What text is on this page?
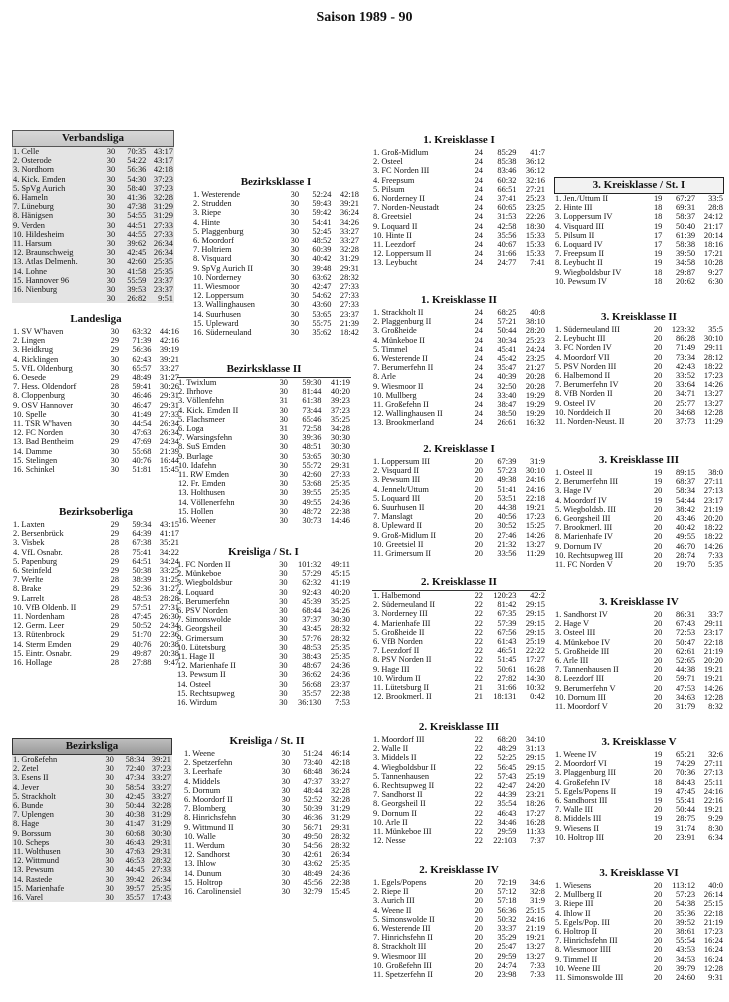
Saison 1989 - 90
Verbandsliga
1. Celle	30	70:35	43:17
2. Osterode	30	54:22	43:17
3. Nordhorn	30	56:36	42:18
4. Kick. Emden	30	54:30	37:23
5. SpVg Aurich	30	58:40	37:23
6. Hameln	30	41:36	32:28
7. Lüneburg	30	47:38	31:29
8. Hänigsen	30	54:55	31:29
9. Verden	30	44:51	27:33
10. Hildesheim	30	44:55	27:33
11. Harsum	30	39:62	26:34
12. Braunschweig	30	42:45	26:34
13. Atlas Delmenh.	30	42:60	25:35
14. Lohne	30	41:58	25:35
15. Hannover 96	30	55:59	23:37
16. Nienburg	30	39:53	23:37
	30	26:82	9:51
Landesliga
1. SV W'haven	30	63:32	44:16
2. Lingen	29	71:39	42:16
3. Heidkrug	29	56:36	39:19
4. Ricklingen	30	62:43	39:21
5. VfL Oldenburg	30	65:57	33:27
6. Oesede	29	48:49	31:27
7. Hess. Oldendorf	28	59:41	30:26
8. Cloppenburg	30	46:46	29:31
9. OSV Hannover	30	46:47	29:31
10. Spelle	30	41:49	27:33
11. TSR W'haven	30	44:54	26:34
12. FC Norden	30	47:63	26:34
13. Bad Bentheim	29	47:69	24:34
14. Damme	30	55:68	21:39
15. Stelingen	30	40:76	16:44
16. Schinkel	30	51:81	15:45
Bezirksoberliga
1. Laxten	29	59:34	43:15
2. Bersenbrück	29	64:39	41:17
3. Visbek	28	67:38	35:21
4. VfL Osnabr.	28	75:41	34:22
5. Papenburg	29	64:51	34:24
6. Steinfeld	29	50:38	33:25
7. Werlte	28	38:39	31:25
8. Brake	29	52:36	31:27
9. Larrelt	28	48:53	28:28
10. VfB Oldenb. II	29	57:51	27:31
11. Nordenham	28	47:45	26:30
12. Germ. Leer	29	50:52	24:34
13. Rütenbrock	29	51:70	22:36
14. Sterm Emden	29	40:76	20:38
15. Eintr. Osnabr.	29	49:87	20:38
16. Hollage	28	27:88	9:47
Bezirksliga
1. Großefehn	30	58:34	39:21
2. Zetel	30	72:40	37:23
3. Esens II	30	47:34	33:27
4. Jever	30	58:54	33:27
5. Strackholt	30	42:45	33:27
6. Bunde	30	50:44	32:28
7. Uplengen	30	40:38	31:29
8. Hage	30	41:47	31:29
9. Borssum	30	60:68	30:30
10. Scheps	30	46:43	29:31
11. Wolthusen	30	47:63	29:31
12. Wittmund	30	46:53	28:32
13. Pewsum	30	44:45	27:33
14. Rastede	30	39:42	26:34
15. Marienhafe	30	39:57	25:35
16. Varel	30	35:57	17:43
Bezirksklasse I
1. Westerende	30	52:24	42:18
2. Strudden	30	59:43	39:21
3. Riepe	30	59:42	36:24
4. Hinte	30	54:41	34:26
5. Plaggenburg	30	52:45	33:27
6. Moordorf	30	48:52	33:27
7. Holtriem	30	60:39	32:28
8. Visquard	30	40:42	31:29
9. SpVg Aurich II	30	39:48	29:31
10. Norderney	30	63:62	28:32
11. Wiesmoor	30	42:47	27:33
12. Loppersum	30	54:62	27:33
13. Wallinghausen	30	43:60	27:33
14. Suurhusen	30	53:65	23:37
15. Upleward	30	55:75	21:39
16. Süderneuland	30	35:62	18:42
Bezirksklasse II
1. Twixlum	30	59:30	41:19
2. Ihrhove	30	81:44	40:20
3. Völlenfehn	31	61:38	39:23
4. Kick. Emden II	30	73:44	37:23
5. Flachsmeer	30	65:46	35:25
6. Loga	31	72:58	34:28
7. Warsingsfehn	30	39:36	30:30
8. SuS Emden	30	48:51	30:30
9. Burlage	30	53:65	30:30
10. Idafehn	30	55:72	29:31
11. RW Emden	30	42:60	27:33
12. Fr. Emden	30	53:68	25:35
13. Holthusen	30	39:55	25:35
14. Völlenerfehn	30	49:55	24:36
15. Hollen	30	48:72	22:38
16. Weener	30	30:73	14:46
Kreisliga / St. I
1. FC Norden II	30	101:32	49:11
2. Münkeboe	30	57:29	45:15
3. Wiegboldsbur	30	62:32	41:19
4. Loquard	30	92:43	40:20
5. Berumerfehn	30	45:39	35:25
6. PSV Norden	30	68:44	34:26
7. Simonswolde	30	37:37	30:30
8. Georgsheil	30	43:45	28:32
9. Grimersum	30	57:76	28:32
10. Lütetsburg	30	48:53	25:35
11. Hage II	30	38:43	25:35
12. Marienhafe II	30	48:67	24:36
13. Pewsum II	30	36:62	24:36
14. Osteel	30	56:68	23:37
15. Rechtsupweg	30	35:57	22:38
16. Wirdum	30	36:130	7:53
Kreisliga / St. II
1. Weene	30	51:24	46:14
2. Spetzerfehn	30	73:40	42:18
3. Leerhafe	30	68:48	36:24
4. Middels	30	47:37	33:27
5. Dornum	30	48:44	32:28
6. Moordorf II	30	52:52	32:28
7. Blomberg	30	50:39	31:29
8. Hinrichsfehn	30	46:36	31:29
9. Wittmund II	30	56:71	29:31
10. Walle	30	49:50	28:32
11. Werdum	30	54:56	28:32
12. Sandhorst	30	42:61	26:34
13. Ihlow	30	43:62	25:35
14. Dunum	30	48:49	24:36
15. Holtrop	30	45:56	22:38
16. Carolinensiel	30	32:79	15:45
1. Kreisklasse I
1. Groß-Midlum	24	85:29	41:7
2. Osteel	24	85:38	36:12
3. FC Norden III	24	83:46	36:12
4. Freepsum	24	60:32	32:16
5. Pilsum	24	66:51	27:21
6. Norderney II	24	37:41	25:23
7. Norden-Neustadt	24	60:65	23:25
8. Greetsiel	24	31:53	22:26
9. Loquard II	24	42:58	18:30
10. Hinte II	24	35:56	15:33
11. Leezdorf	24	40:67	15:33
12. Loppersum II	24	31:66	15:33
13. Leybucht	24	24:77	7:41
1. Kreisklasse II
1. Strackholt II	24	68:25	40:8
2. Plaggenburg II	24	57:21	38:10
3. Großheide	24	50:44	28:20
4. Münkeboe II	24	30:34	25:23
5. Timmel	24	45:41	24:24
6. Westerende II	24	45:42	23:25
7. Berumerfehn II	24	35:47	21:27
8. Arle	24	40:39	20:28
9. Wiesmoor II	24	32:50	20:28
10. Mullberg	24	33:40	19:29
11. Großefehn II	24	38:47	19:29
12. Wallinghausen II	24	38:50	19:29
13. Brookmerland	24	26:61	16:32
2. Kreisklasse I
1. Loppersum III	20	67:39	31:9
2. Visquard II	20	57:23	30:10
3. Pewsum III	20	49:38	24:16
4. Jennelt/Uttum	20	51:41	24:16
5. Loquard III	20	53:51	22:18
6. Suurhusen II	20	44:38	19:21
7. Manslagt	20	40:56	17:23
8. Upleward II	20	30:52	15:25
9. Groß-Midlum II	20	27:46	14:26
10. Greetsiel II	20	21:32	13:27
11. Grimersum II	20	33:56	11:29
2. Kreisklasse II
1. Halbemond	22	120:23	42:2
2. Süderneuland II	22	81:42	29:15
3. Norderney III	22	67:35	29:15
4. Marienhafe III	22	57:39	29:15
5. Großheide II	22	67:56	29:15
6. VfB Norden	22	61:43	25:19
7. Leezdorf II	22	46:51	22:22
8. PSV Norden II	22	51:45	17:27
9. Hage III	22	50:61	16:28
10. Wirdum II	22	27:82	14:30
11. Lütetsburg II	21	31:66	10:32
12. Brookmerl. II	21	18:131	0:42
2. Kreisklasse III
1. Moordorf III	22	68:20	34:10
2. Walle II	22	48:29	31:13
3. Middels II	22	52:25	29:15
4. Wiegboldsbur II	22	56:45	29:15
5. Tannenhausen	22	57:43	25:19
6. Rechtsupweg II	22	42:47	24:20
7. Sandhorst II	22	44:39	23:21
8. Georgsheil II	22	35:54	18:26
9. Dornum II	22	46:43	17:27
10. Arle II	22	34:46	16:28
11. Münkeboe III	22	29:59	11:33
12. Nesse	22	22:103	7:37
2. Kreisklasse IV
1. Egels/Popens	20	72:19	34:6
2. Riepe II	20	57:12	32:8
3. Aurich III	20	57:18	31:9
4. Weene II	20	56:36	25:15
5. Simonswolde II	20	50:32	24:16
6. Westerende III	20	33:37	21:19
7. Hinrichsfehn II	20	35:29	19:21
8. Strackholt III	20	25:47	13:27
9. Wiesmoor III	20	29:59	13:27
10. Großefehn III	20	24:74	7:33
11. Spetzerfehn II	20	23:98	7:33
3. Kreisklasse / St. I
1. Jen./Uttum II	19	67:27	33:5
2. Hinte III	18	69:31	28:8
3. Loppersum IV	18	58:37	24:12
4. Visquard III	19	50:40	21:17
5. Pilsum II	17	61:39	20:14
6. Loquard IV	17	58:38	18:16
7. Freepsum II	19	39:50	17:21
8. Leybucht II	19	34:58	10:28
9. Wiegboldsbur IV	18	29:87	9:27
10. Pewsum IV	18	20:62	6:30
3. Kreisklasse II
1. Süderneuland III	20	123:32	35:5
2. Leybucht III	20	86:28	30:10
3. FC Norden IV	20	71:49	29:11
4. Moordorf VII	20	73:34	28:12
5. PSV Norden III	20	42:43	18:22
6. Halbemond II	20	33:52	17:23
7. Berumerfehn IV	20	33:64	14:26
8. VfB Norden II	20	34:71	13:27
9. Osteel IV	20	25:77	13:27
10. Norddeich II	20	34:68	12:28
11. Norden-Neust. II	20	37:73	11:29
3. Kreisklasse III
1. Osteel II	19	89:15	38:0
2. Berumerfehn III	19	68:37	27:11
3. Hage IV	20	58:34	27:13
4. Moordorf IV	19	54:44	23:17
5. Wiegboldsb. III	20	38:42	21:19
6. Georgsheil III	20	43:46	20:20
7. Brookmerl. III	20	40:42	18:22
8. Marienhafe IV	20	49:55	18:22
9. Dornum IV	20	46:70	14:26
10. Rechtsupweg III	20	28:74	7:33
11. FC Norden V	20	19:70	5:35
3. Kreisklasse IV
1. Sandhorst IV	20	86:31	33:7
2. Hage V	20	67:43	29:11
3. Osteel III	20	72:53	23:17
4. Münkeboe IV	20	50:47	22:18
5. Großheide III	20	62:61	21:19
6. Arle III	20	52:65	20:20
7. Tannenhausen II	20	44:38	19:21
8. Leezdorf III	20	59:71	19:21
9. Berumerfehn V	20	47:53	14:26
10. Dornum III	20	34:63	12:28
11. Moordorf V	20	31:79	8:32
3. Kreisklasse V
1. Weene IV	19	65:21	32:6
2. Moordorf VI	19	74:29	27:11
3. Plaggenburg III	20	70:36	27:13
4. Großefehn IV	18	84:43	25:11
5. Egels/Popens II	19	47:45	24:16
6. Sandhorst III	19	55:41	22:16
7. Walle III	20	50:44	19:21
8. Middels III	19	28:75	9:29
9. Wiesens II	19	31:74	8:30
10. Holtrop III	20	23:91	6:34
3. Kreisklasse VI
1. Wiesens	20	113:12	40:0
2. Mullberg II	20	57:23	26:14
3. Riepe III	20	54:38	25:15
4. Ihlow II	20	35:36	22:18
5. Egels/Pop. III	20	39:52	21:19
6. Holtrop II	20	38:61	17:23
7. Hinrichsfehn III	20	55:54	16:24
8. Wiesmoor IIII	20	43:53	16:24
9. Timmel II	20	34:53	16:24
10. Weene III	20	39:79	12:28
11. Simonswolde III	20	24:60	9:31
